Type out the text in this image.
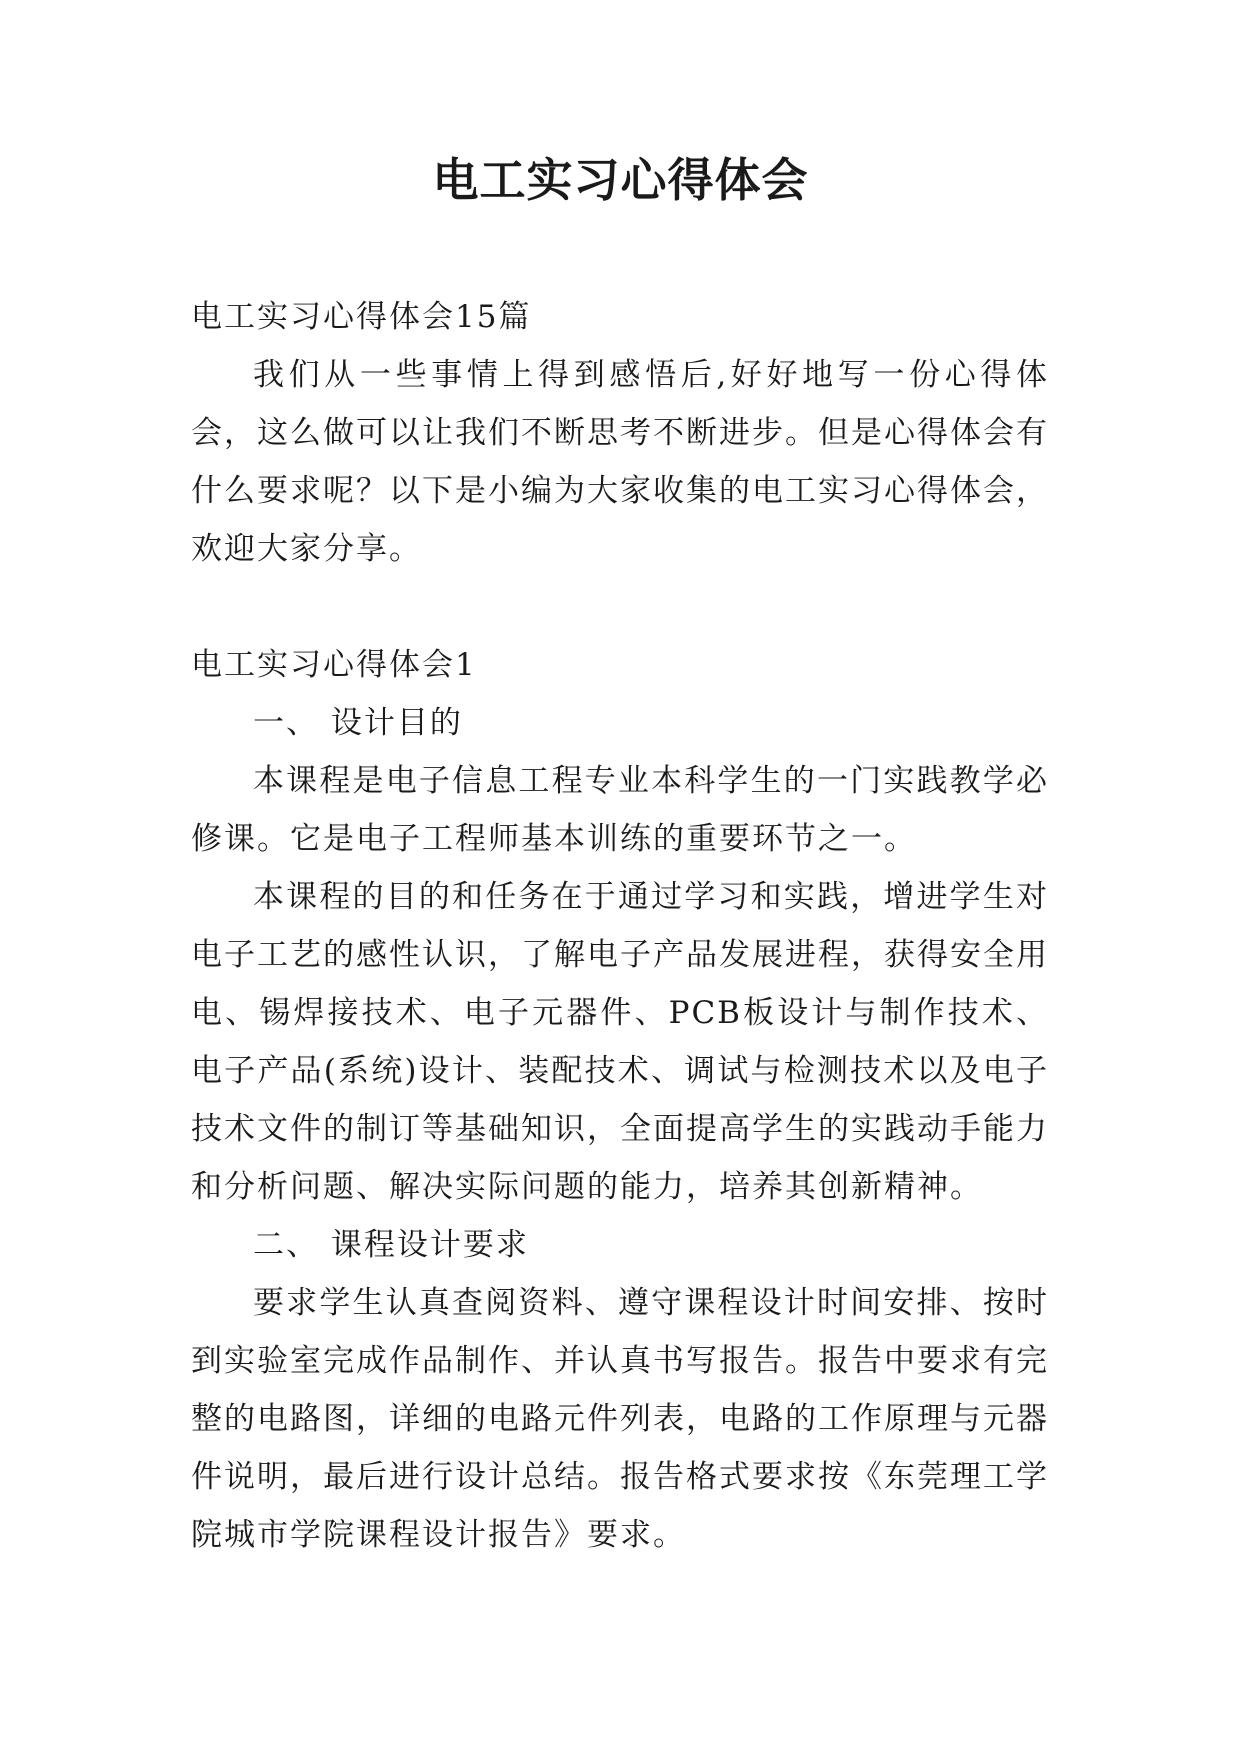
电工实习心得体会

电工实习心得体会15篇

我们从一些事情上得到感悟后,好好地写一份心得体会，这么做可以让我们不断思考不断进步。但是心得体会有什么要求呢？以下是小编为大家收集的电工实习心得体会，欢迎大家分享。

电工实习心得体会1

一、 设计目的

本课程是电子信息工程专业本科学生的一门实践教学必修课。它是电子工程师基本训练的重要环节之一。

本课程的目的和任务在于通过学习和实践，增进学生对电子工艺的感性认识，了解电子产品发展进程，获得安全用电、锡焊接技术、电子元器件、PCB板设计与制作技术、电子产品(系统)设计、装配技术、调试与检测技术以及电子技术文件的制订等基础知识，全面提高学生的实践动手能力和分析问题、解决实际问题的能力，培养其创新精神。

二、 课程设计要求

要求学生认真查阅资料、遵守课程设计时间安排、按时到实验室完成作品制作、并认真书写报告。报告中要求有完整的电路图，详细的电路元件列表，电路的工作原理与元器件说明，最后进行设计总结。报告格式要求按《东莞理工学院城市学院课程设计报告》要求。
